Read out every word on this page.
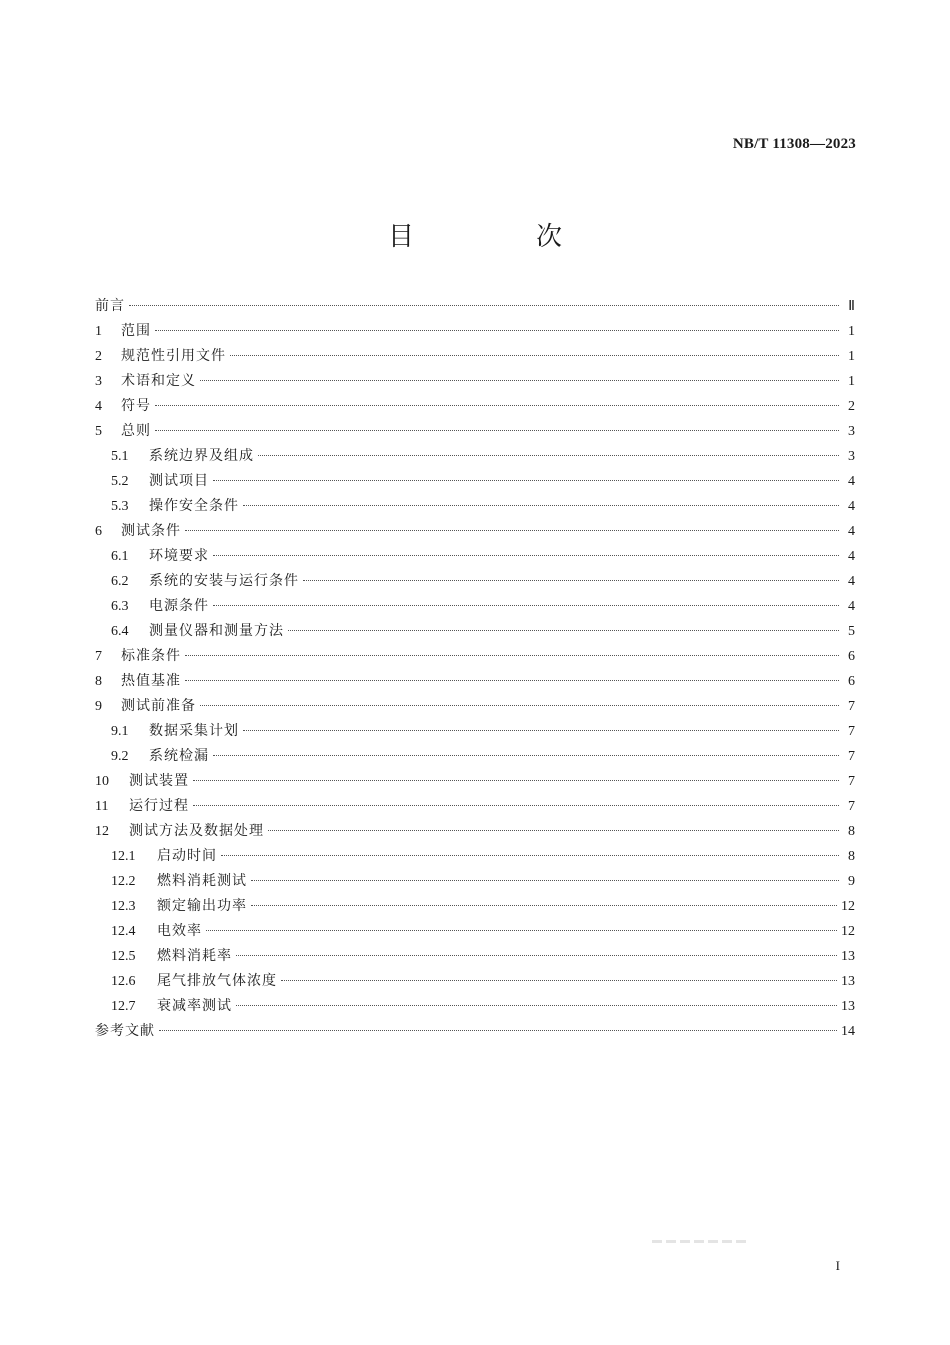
NB/T 11308—2023
目　次
前言	Ⅱ
1	范围	1
2	规范性引用文件	1
3	术语和定义	1
4	符号	2
5	总则	3
5.1	系统边界及组成	3
5.2	测试项目	4
5.3	操作安全条件	4
6	测试条件	4
6.1	环境要求	4
6.2	系统的安装与运行条件	4
6.3	电源条件	4
6.4	测量仪器和测量方法	5
7	标准条件	6
8	热值基准	6
9	测试前准备	7
9.1	数据采集计划	7
9.2	系统检漏	7
10	测试装置	7
11	运行过程	7
12	测试方法及数据处理	8
12.1	启动时间	8
12.2	燃料消耗测试	9
12.3	额定输出功率	12
12.4	电效率	12
12.5	燃料消耗率	13
12.6	尾气排放气体浓度	13
12.7	衰减率测试	13
参考文献	14
I
